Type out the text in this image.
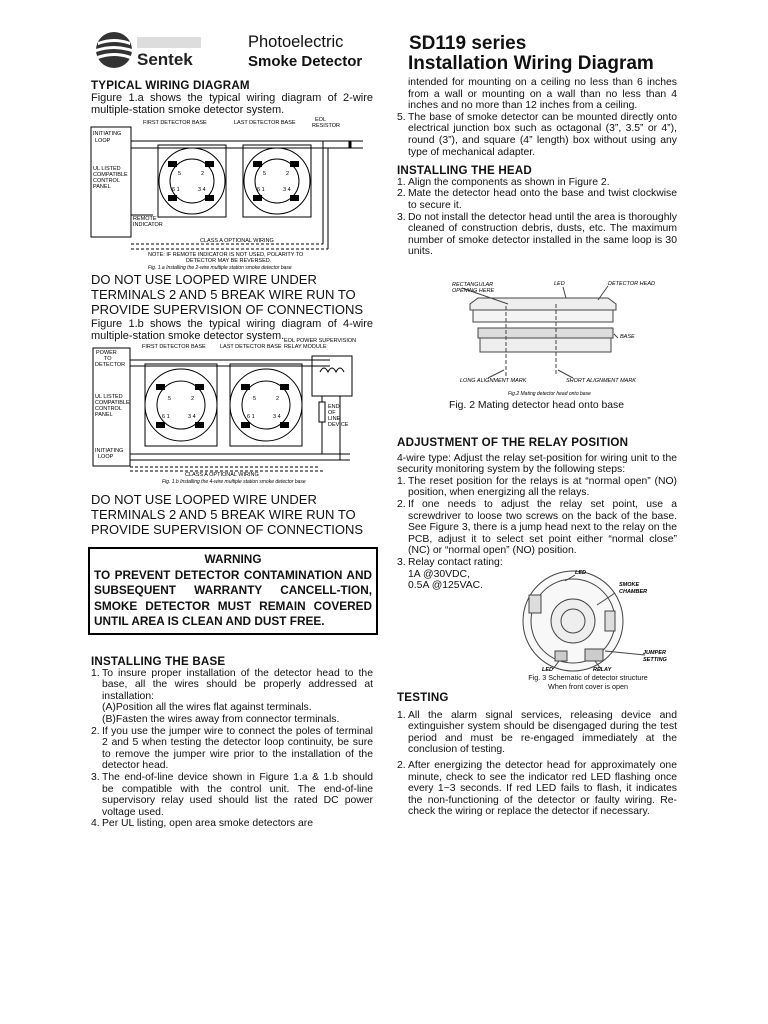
Sentek
Photoelectric
Smoke Detector
SD119 series
Installation Wiring Diagram

TYPICAL WIRING DIAGRAM

Figure 1.a shows the typical wiring diagram of 2-wire multiple-station smoke detector system.

5	2
6 1	3 4
5	2
6 1	3 4
FIRST DETECTOR BASE	LAST DETECTOR BASE	EOL
RESISTOR
INITIATING
LOOP
UL LISTED
COMPATIBLE
CONTROL
PANEL
REMOTE
INDICATOR
CLASS A OPTIONAL WIRING
NOTE: IF REMOTE INDICATOR IS NOT USED, POLARITY TO
DETECTOR MAY BE REVERSED.
Fig. 1.a Installing the 2-wire multiple station smoke detector base

DO NOT USE LOOPED WIRE UNDER TERMINALS 2 AND 5 BREAK WIRE RUN TO PROVIDE SUPERVISION OF CONNECTIONS

Figure 1.b shows the typical wiring diagram of 4-wire multiple-station smoke detector system.

5	2
6 1	3 4
5	2
6 1	3 4
FIRST DETECTOR BASE	LAST DETECTOR BASE
EOL POWER SUPERVISION
RELAY MODULE
POWER
TO
DETECTOR
UL LISTED
COMPATIBLE
CONTROL
PANEL
INITIATING
LOOP
END
OF
LINE
DEVICE
CLASS A OPTIONAL WIRING
Fig. 1.b Installing the 4-wire multiple station smoke detector base

DO NOT USE LOOPED WIRE UNDER TERMINALS 2 AND 5 BREAK WIRE RUN TO PROVIDE SUPERVISION OF CONNECTIONS

WARNING
TO PREVENT DETECTOR CONTAMINATION AND SUBSEQUENT WARRANTY CANCELL-TION, SMOKE DETECTOR MUST REMAIN COVERED UNTIL AREA IS CLEAN AND DUST FREE.

INSTALLING THE BASE

1. To insure proper installation of the detector head to the base, all the wires should be properly addressed at installation:
(A)Position all the wires flat against terminals.
(B)Fasten the wires away from connector terminals.
2. If you use the jumper wire to connect the poles of terminal 2 and 5 when testing the detector loop continuity, be sure to remove the jumper wire prior to the installation of the detector head.
3. The end-of-line device shown in Figure 1.a & 1.b should be compatible with the control unit. The end-of-line supervisory relay used should list the rated DC power voltage used.
4. Per UL listing, open area smoke detectors are
intended for mounting on a ceiling no less than 6 inches from a wall or mounting on a wall than no less than 4 inches and no more than 12 inches from a ceiling.
5. The base of smoke detector can be mounted directly onto electrical junction box such as octagonal (3”, 3.5” or 4”), round (3”), and square (4” length) box without using any type of mechanical adapter.

INSTALLING THE HEAD

1. Align the components as shown in Figure 2.
2. Mate the detector head onto the base and twist clockwise to secure it.
3. Do not install the detector head until the area is thoroughly cleaned of construction debris, dusts, etc. The maximum number of smoke detector installed in the same loop is 30 units.
RECTANGULAR
OPENING HERE
LED	DETECTOR HEAD
BASE
LONG ALIGNMENT MARK	SHORT ALIGNMENT MARK
Fig.2 Mating detector head onto base
Fig. 2 Mating detector head onto base

ADJUSTMENT OF THE RELAY POSITION

4-wire type: Adjust the relay set-position for wiring unit to the security monitoring system by the following steps:

1. The reset position for the relays is at “normal open” (NO) position, when energizing all the relays.
2. If one needs to adjust the relay set point, use a screwdriver to loose two screws on the back of the base. See Figure 3, there is a jump head next to the relay on the PCB, adjust it to select set point either “normal close” (NC) or “normal open” (NO) position.
3. Relay contact rating:
1A @30VDC,
0.5A @125VAC.
LED
SMOKE
CHAMBER
JUMPER
SETTING
LED	RELAY
Fig. 3 Schematic of detector structure
When front cover is open

TESTING

1. All the alarm signal services, releasing device and extinguisher system should be disengaged during the test period and must be re-engaged immediately at the conclusion of testing.
2. After energizing the detector head for approximately one minute, check to see the indicator red LED flashing once every 1~3 seconds. If red LED fails to flash, it indicates the non-functioning of the detector or faulty wiring. Re-check the wiring or replace the detector if necessary.
